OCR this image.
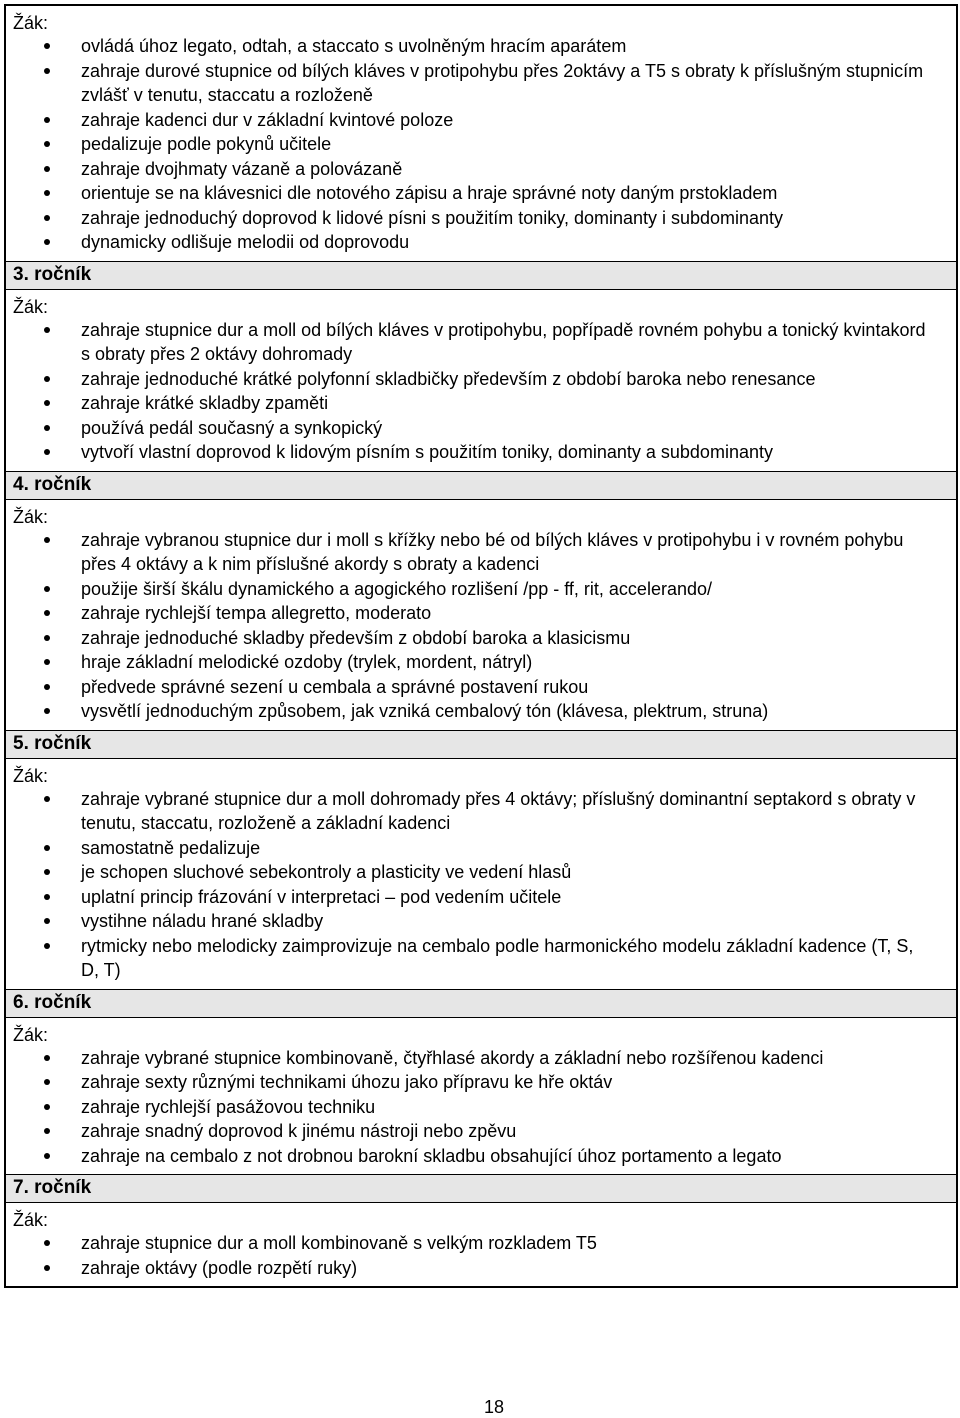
Žák:
ovládá úhoz legato, odtah, a staccato s uvolněným hracím aparátem
zahraje durové stupnice od bílých kláves v protipohybu přes 2oktávy a T5 s obraty k příslušným stupnicím zvlášť v tenutu, staccatu a rozloženě
zahraje kadenci dur v základní kvintové poloze
pedalizuje podle pokynů učitele
zahraje dvojhmaty vázaně a polovázaně
orientuje se na klávesnici dle notového zápisu a hraje správné noty daným prstokladem
zahraje jednoduchý doprovod k lidové písni s použitím toniky, dominanty i subdominanty
dynamicky odlišuje melodii od doprovodu
3. ročník
Žák:
zahraje stupnice dur a moll od bílých kláves v protipohybu, popřípadě rovném pohybu a tonický kvintakord s obraty přes 2 oktávy dohromady
zahraje jednoduché krátké polyfonní skladbičky především z období baroka nebo renesance
zahraje krátké skladby zpaměti
používá pedál současný a synkopický
vytvoří vlastní doprovod k lidovým písním s použitím toniky, dominanty a subdominanty
4. ročník
Žák:
zahraje vybranou stupnice dur i moll s křížky nebo bé od bílých kláves v protipohybu i v rovném pohybu přes 4 oktávy a k nim příslušné akordy s obraty a kadenci
použije širší škálu dynamického a agogického rozlišení /pp - ff, rit, accelerando/
zahraje rychlejší tempa allegretto, moderato
zahraje jednoduché skladby především z období baroka a klasicismu
hraje základní melodické ozdoby (trylek, mordent, nátryl)
předvede správné sezení u cembala a správné postavení rukou
vysvětlí jednoduchým způsobem, jak vzniká cembalový tón (klávesa, plektrum, struna)
5. ročník
Žák:
zahraje vybrané stupnice dur a moll dohromady přes 4 oktávy; příslušný dominantní septakord s obraty v tenutu, staccatu, rozloženě a základní kadenci
samostatně pedalizuje
je schopen sluchové sebekontroly a plasticity ve vedení hlasů
uplatní princip frázování v interpretaci – pod vedením učitele
vystihne náladu hrané skladby
rytmicky nebo melodicky zaimprovizuje na cembalo podle harmonického modelu základní kadence (T, S, D, T)
6. ročník
Žák:
zahraje vybrané stupnice kombinovaně, čtyřhlasé akordy a základní nebo rozšířenou kadenci
zahraje sexty různými technikami úhozu jako přípravu ke hře oktáv
zahraje rychlejší pasážovou techniku
zahraje snadný doprovod k jinému nástroji nebo zpěvu
zahraje na cembalo z not drobnou barokní skladbu obsahující úhoz portamento a legato
7. ročník
Žák:
zahraje stupnice dur a moll kombinovaně s velkým rozkladem T5
zahraje oktávy (podle rozpětí ruky)
18
